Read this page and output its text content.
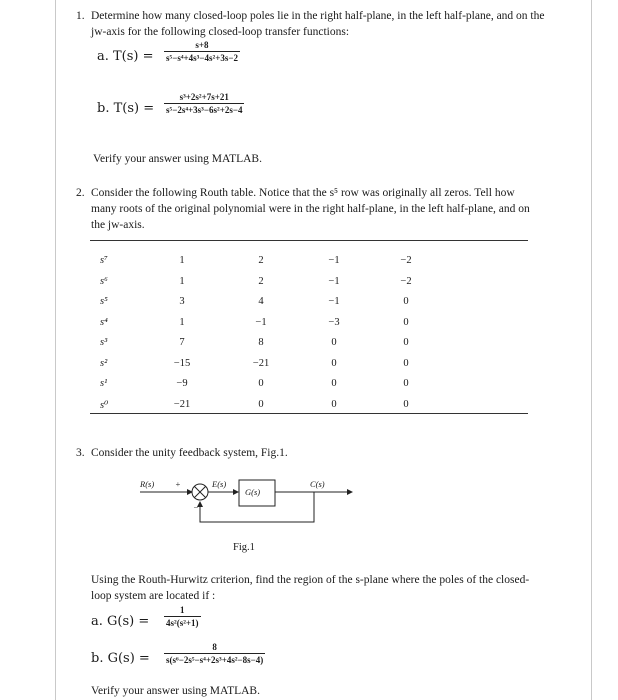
1. Determine how many closed-loop poles lie in the right half-plane, in the left half-plane, and on the
jw-axis for the following closed-loop transfer functions:
a. $T(s) = \frac{s+8}{\text{s⁵−s⁴+4s³−4s²+3s−2}}$
b. $T(s) = \frac{\text{s³+2s²+7s+21}}{\text{s⁵−2s⁴+3s³−6s²+2s−4}}$
Verify your answer using MATLAB.
2. Consider the following Routh table. Notice that the s⁵ row was originally all zeros. Tell how
many roots of the original polynomial were in the right half-plane, in the left half-plane, and on
the jw-axis.
s⁷	1	2	−1	−2
s⁶	1	2	−1	−2
s⁵	3	4	−1	0
s⁴	1	−1	−3	0
s³	7	8	0	0
s²	−15	−21	0	0
s¹	−9	0	0	0
s⁰	−21	0	0	0
3. Consider the unity feedback system, Fig.1.
R(s) +
−
E(s)
G(s)
C(s)
Fig.1
Using the Routh-Hurwitz criterion, find the region of the s-plane where the poles of the closed-
loop system are located if :
a. $G(s) = \frac{1}{\text{4s²(s²+1)}}$
b. $G(s) = \frac{8}{\text{s(s⁶−2s⁵−s⁴+2s³+4s²−8s−4)}}$
Verify your answer using MATLAB.
